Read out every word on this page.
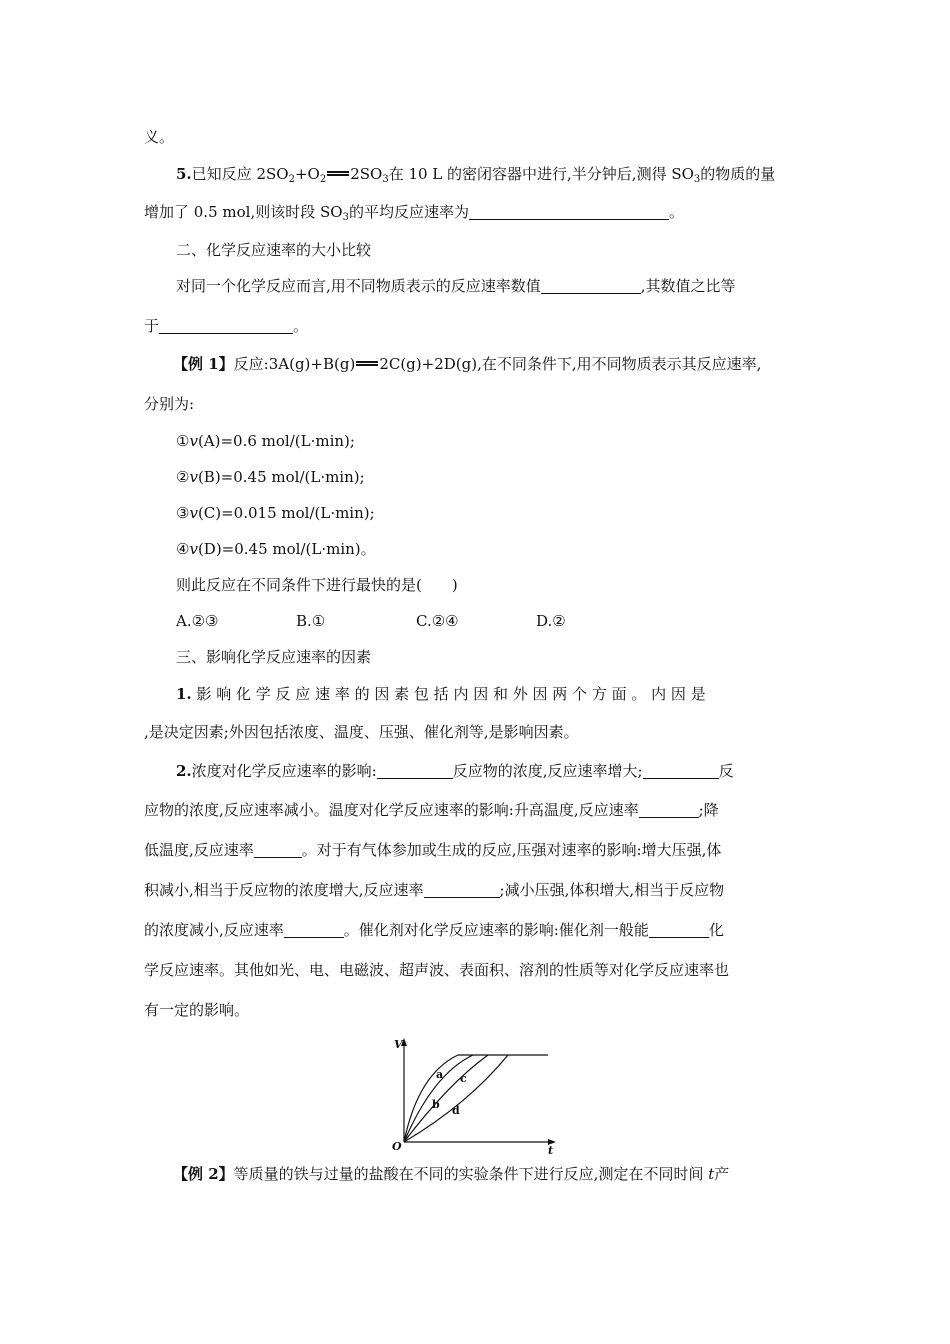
义。
5.已知反应 $2SO_2+O_2$ $2SO_3$在 10 L 的密闭容器中进行,半分钟后,测得 $SO_3$的物质的量
增加了 0.5 mol,则该时段 $SO_3$的平均反应速率为	。
二、化学反应速率的大小比较
对同一个化学反应而言,用不同物质表示的反应速率数值	,其数值之比等
于	。
【例 1】反应:3A(g)+B(g) 2C(g)+2D(g),在不同条件下,用不同物质表示其反应速率,
分别为:
①v(A)=0.6 mol/(L·min);
②v(B)=0.45 mol/(L·min);
③v(C)=0.015 mol/(L·min);
④v(D)=0.45 mol/(L·min)。
则此反应在不同条件下进行最快的是(　　)
A.②③	B.①	C.②④	D.②
三、影响化学反应速率的因素
1. 影 响 化 学 反 应 速 率 的 因 素 包 括 内 因 和 外 因 两 个 方 面 。 内 因 是
,是决定因素;外因包括浓度、温度、压强、催化剂等,是影响因素。
2.浓度对化学反应速率的影响:	反应物的浓度,反应速率增大;	反
应物的浓度,反应速率减小。温度对化学反应速率的影响:升高温度,反应速率	;降
低温度,反应速率	。对于有气体参加或生成的反应,压强对速率的影响:增大压强,体
积减小,相当于反应物的浓度增大,反应速率	;减小压强,体积增大,相当于反应物
的浓度减小,反应速率	。催化剂对化学反应速率的影响:催化剂一般能	化
学反应速率。其他如光、电、电磁波、超声波、表面积、溶剂的性质等对化学反应速率也
有一定的影响。
V
t
O
a
b
c
d
【例 2】等质量的铁与过量的盐酸在不同的实验条件下进行反应,测定在不同时间 t产
